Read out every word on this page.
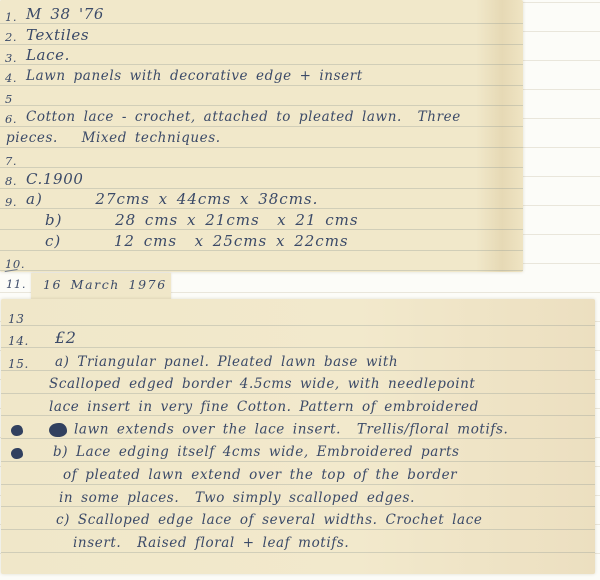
1. M 38 '76
2. Textiles
3. Lace.
4. Lawn panels with decorative edge + insert
5
6. Cotton lace - crochet, attached to pleated lawn.  Three
pieces.   Mixed techniques.
7.
8. C.1900
9. a)      27cms x 44cms x 38cms.
b)      28 cms x 21cms  x 21 cms
c)      12 cms  x 25cms x 22cms
10.
11. 16 March 1976
13
14.	£2
15.	a) Triangular panel. Pleated lawn base with
Scalloped edged border 4.5cms wide, with needlepoint
lace insert in very fine Cotton. Pattern of embroidered
lawn extends over the lace insert.  Trellis/floral motifs.
b) Lace edging itself 4cms wide, Embroidered parts
of pleated lawn extend over the top of the border
in some places.  Two simply scalloped edges.
c) Scalloped edge lace of several widths. Crochet lace
insert.  Raised floral + leaf motifs.
